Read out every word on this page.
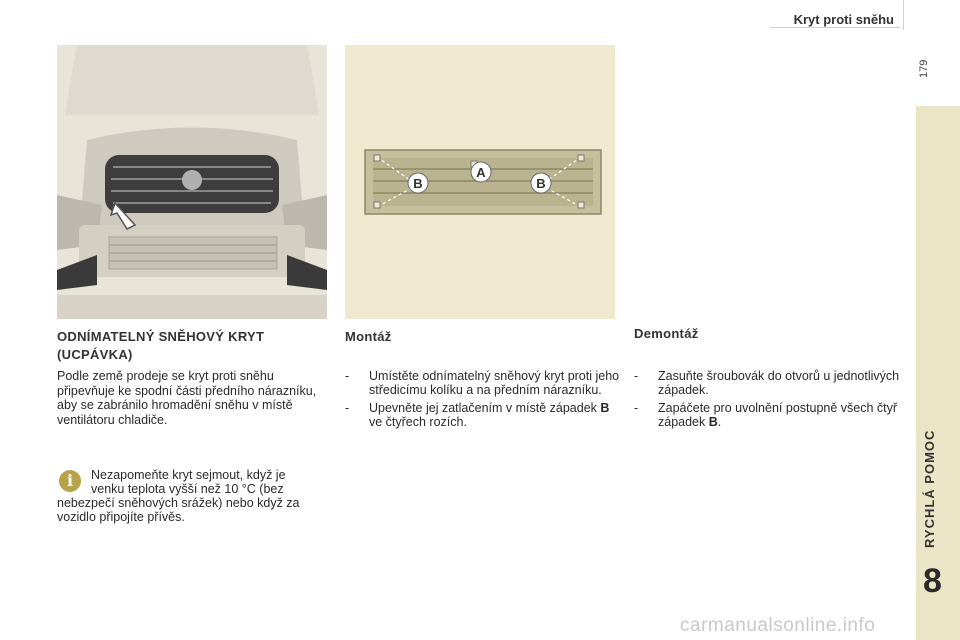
Kryt proti sněhu
179
RYCHLÁ POMOC
8
A
B	B
ODNÍMATELNÝ SNĚHOVÝ KRYT
(UCPÁVKA)

Podle země prodeje se kryt proti sněhu připevňuje ke spodní části předního nárazníku, aby se zabránilo hromadění sněhu v místě ventilátoru chladiče.

i	Nezapomeňte kryt sejmout, když je venku teplota vyšší než 10 °C (bez nebezpečí sněhových srážek) nebo když za vozidlo připojíte přívěs.

Montáž
- Umístěte odnímatelný sněhový kryt proti jeho středicímu kolíku a na předním nárazníku.
- Upevněte jej zatlačením v místě západek B ve čtyřech rozích.
Demontáž
- Zasuňte šroubovák do otvorů u jednotlivých západek.
- Zapáčete pro uvolnění postupně všech čtyř západek B.
carmanualsonline.info
